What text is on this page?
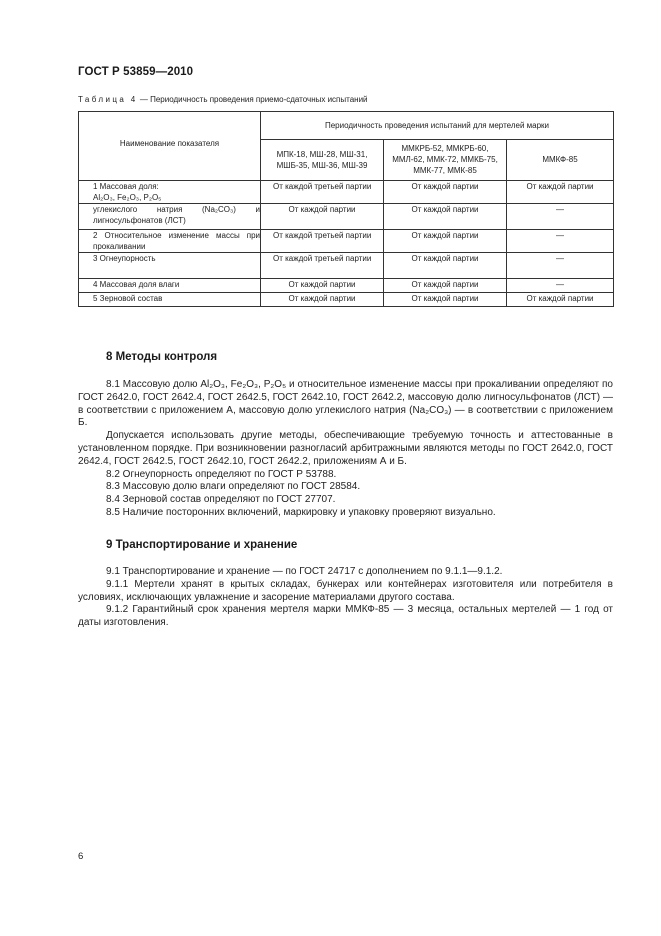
ГОСТ Р 53859—2010
Таблица 4 — Периодичность проведения приемо-сдаточных испытаний
Наименование показателя	Периодичность проведения испытаний для мертелей марки		
	МПК-18, МШ-28, МШ-31, МШБ-35, МШ-36, МШ-39	ММКРБ-52, ММКРБ-60, ММЛ-62, ММК-72, ММКБ-75, ММК-77, ММК-85	ММКФ-85

1 Массовая доля:
Al₂O₃, Fe₂O₃, P₂O₅	От каждой третьей партии	От каждой партии	От каждой партии

углекислого натрия (Na₂CO₃) и лигносульфонатов (ЛСТ)	От каждой партии	От каждой партии	—

2 Относительное изменение массы при прокаливании	От каждой третьей партии	От каждой партии	—

3 Огнеупорность	От каждой третьей партии	От каждой партии	—

4 Массовая доля влаги	От каждой партии	От каждой партии	—

5 Зерновой состав	От каждой партии	От каждой партии	От каждой партии
8 Методы контроля

8.1 Массовую долю Al₂O₃, Fe₂O₃, P₂O₅ и относительное изменение массы при прокаливании определяют по ГОСТ 2642.0, ГОСТ 2642.4, ГОСТ 2642.5, ГОСТ 2642.10, ГОСТ 2642.2, массовую долю лигносульфонатов (ЛСТ) — в соответствии с приложением А, массовую долю углекислого натрия (Na₂CO₃) — в соответствии с приложением Б.

Допускается использовать другие методы, обеспечивающие требуемую точность и аттестованные в установленном порядке. При возникновении разногласий арбитражными являются методы по ГОСТ 2642.0, ГОСТ 2642.4, ГОСТ 2642.5, ГОСТ 2642.10, ГОСТ 2642.2, приложениям А и Б.

8.2 Огнеупорность определяют по ГОСТ Р 53788.

8.3 Массовую долю влаги определяют по ГОСТ 28584.

8.4 Зерновой состав определяют по ГОСТ 27707.

8.5 Наличие посторонних включений, маркировку и упаковку проверяют визуально.

9 Транспортирование и хранение

9.1 Транспортирование и хранение — по ГОСТ 24717 с дополнением по 9.1.1—9.1.2.

9.1.1 Мертели хранят в крытых складах, бункерах или контейнерах изготовителя или потребителя в условиях, исключающих увлажнение и засорение материалами другого состава.

9.1.2 Гарантийный срок хранения мертеля марки ММКФ-85 — 3 месяца, остальных мертелей — 1 год от даты изготовления.

6
